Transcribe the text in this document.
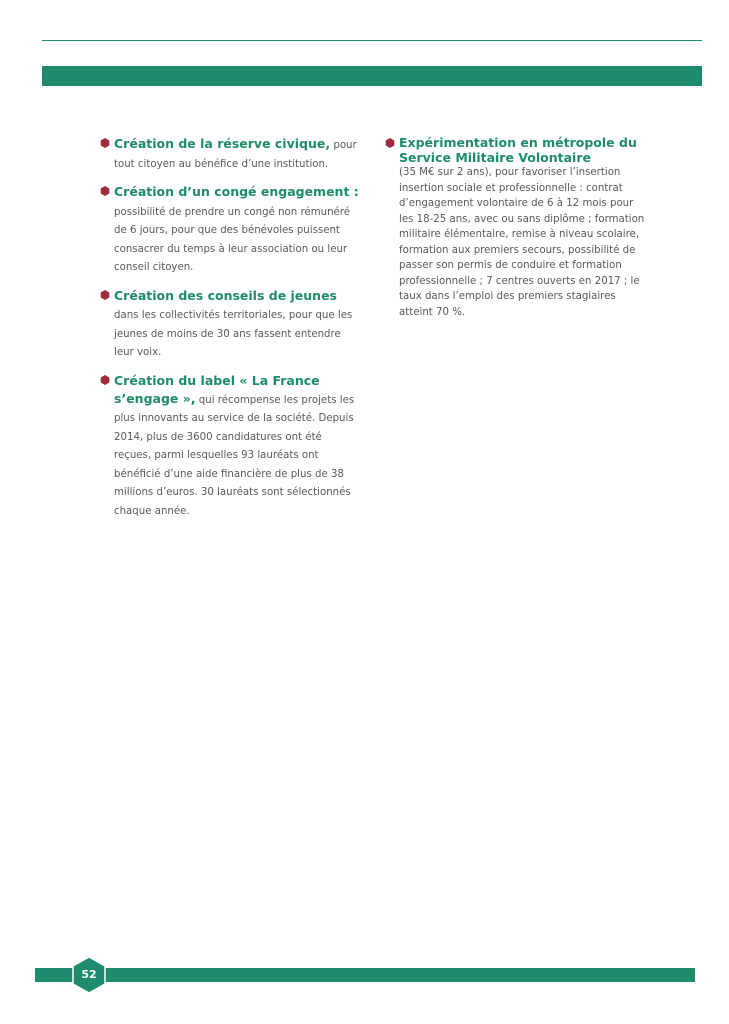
Création de la réserve civique, pour tout citoyen au bénéfice d’une institution.
Création d’un congé engagement : possibilité de prendre un congé non rémunéré de 6 jours, pour que des bénévoles puissent consacrer du temps à leur association ou leur conseil citoyen.
Création des conseils de jeunes dans les collectivités territoriales, pour que les jeunes de moins de 30 ans fassent entendre leur voix.
Création du label « La France s’engage », qui récompense les projets les plus innovants au service de la société. Depuis 2014, plus de 3600 candidatures ont été reçues, parmi lesquelles 93 lauréats ont bénéficié d’une aide financière de plus de 38 millions d’euros. 30 lauréats sont sélectionnés chaque année.
Expérimentation en métropole du Service Militaire Volontaire
(35 M€ sur 2 ans), pour favoriser l’insertion insertion sociale et professionnelle : contrat d’engagement volontaire de 6 à 12 mois pour les 18-25 ans, avec ou sans diplôme ; formation militaire élémentaire, remise à niveau scolaire, formation aux premiers secours, possibilité de passer son permis de conduire et formation professionnelle ; 7 centres ouverts en 2017 ; le taux dans l’emploi des premiers stagiaires atteint 70 %.
52
